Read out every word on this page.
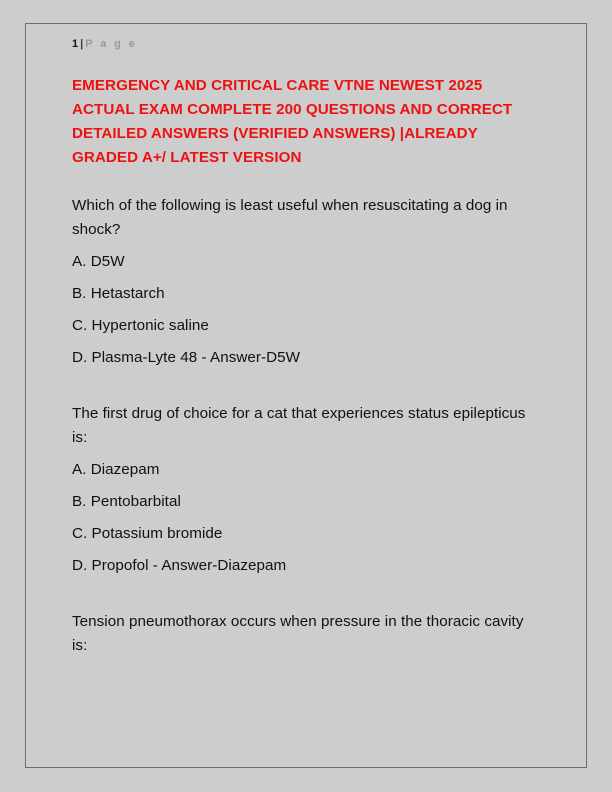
1 | P a g e
EMERGENCY AND CRITICAL CARE VTNE NEWEST 2025 ACTUAL EXAM COMPLETE 200 QUESTIONS AND CORRECT DETAILED ANSWERS (VERIFIED ANSWERS) |ALREADY GRADED A+/ LATEST VERSION

Which of the following is least useful when resuscitating a dog in shock?

A. D5W

B. Hetastarch

C. Hypertonic saline

D. Plasma-Lyte 48 - Answer-D5W

The first drug of choice for a cat that experiences status epilepticus is:

A. Diazepam

B. Pentobarbital

C. Potassium bromide

D. Propofol - Answer-Diazepam

Tension pneumothorax occurs when pressure in the thoracic cavity is:
